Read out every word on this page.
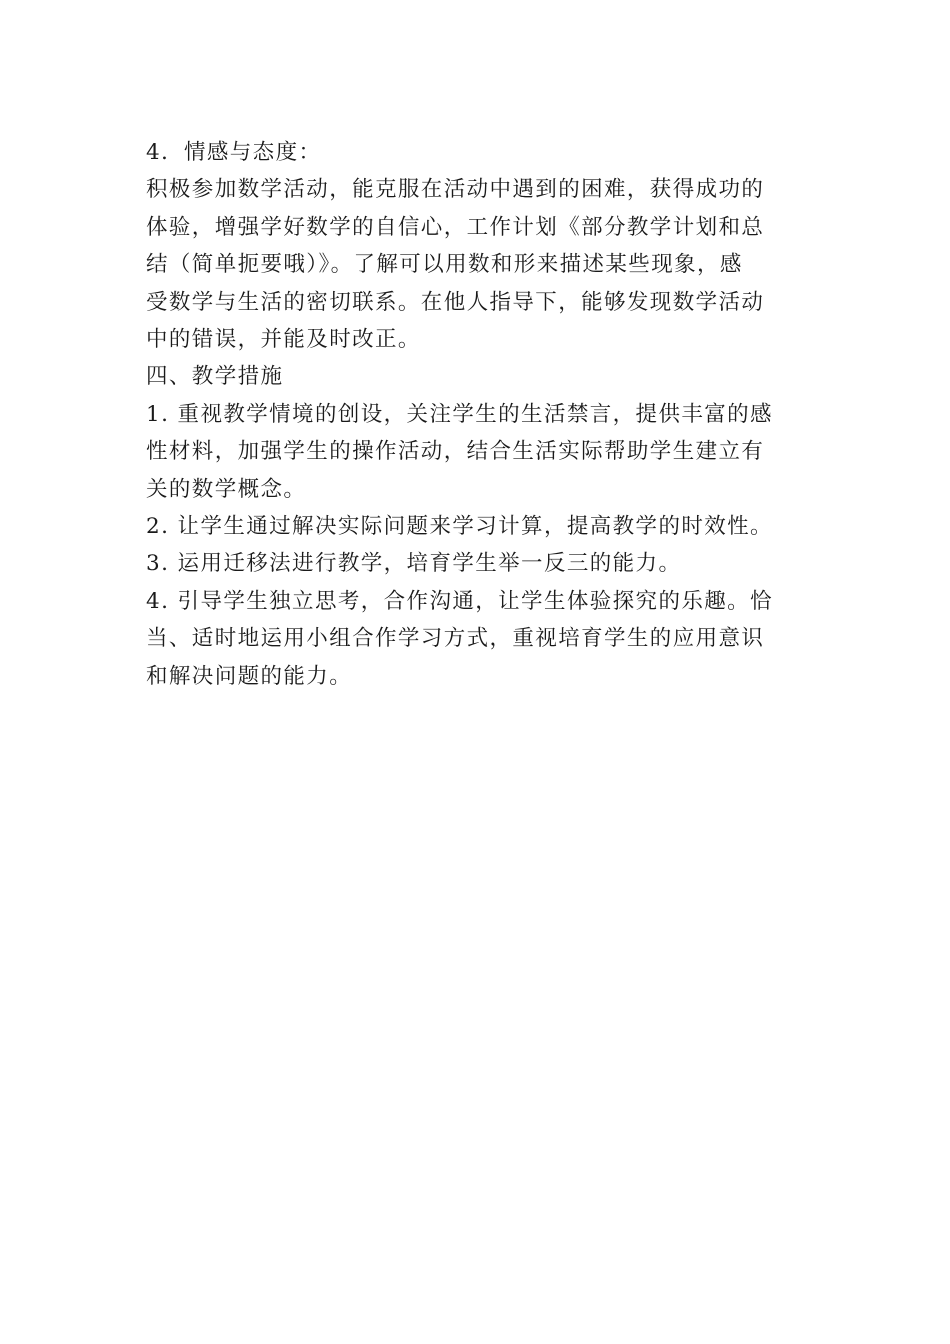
4．情感与态度：
积极参加数学活动，能克服在活动中遇到的困难，获得成功的
体验，增强学好数学的自信心，工作计划《部分教学计划和总
结（简单扼要哦）》。了解可以用数和形来描述某些现象，感
受数学与生活的密切联系。在他人指导下，能够发现数学活动
中的错误，并能及时改正。
四、教学措施
1. 重视教学情境的创设，关注学生的生活禁言，提供丰富的感
性材料，加强学生的操作活动，结合生活实际帮助学生建立有
关的数学概念。
2. 让学生通过解决实际问题来学习计算，提高教学的时效性。
3. 运用迁移法进行教学，培育学生举一反三的能力。
4. 引导学生独立思考，合作沟通，让学生体验探究的乐趣。恰
当、适时地运用小组合作学习方式，重视培育学生的应用意识
和解决问题的能力。
